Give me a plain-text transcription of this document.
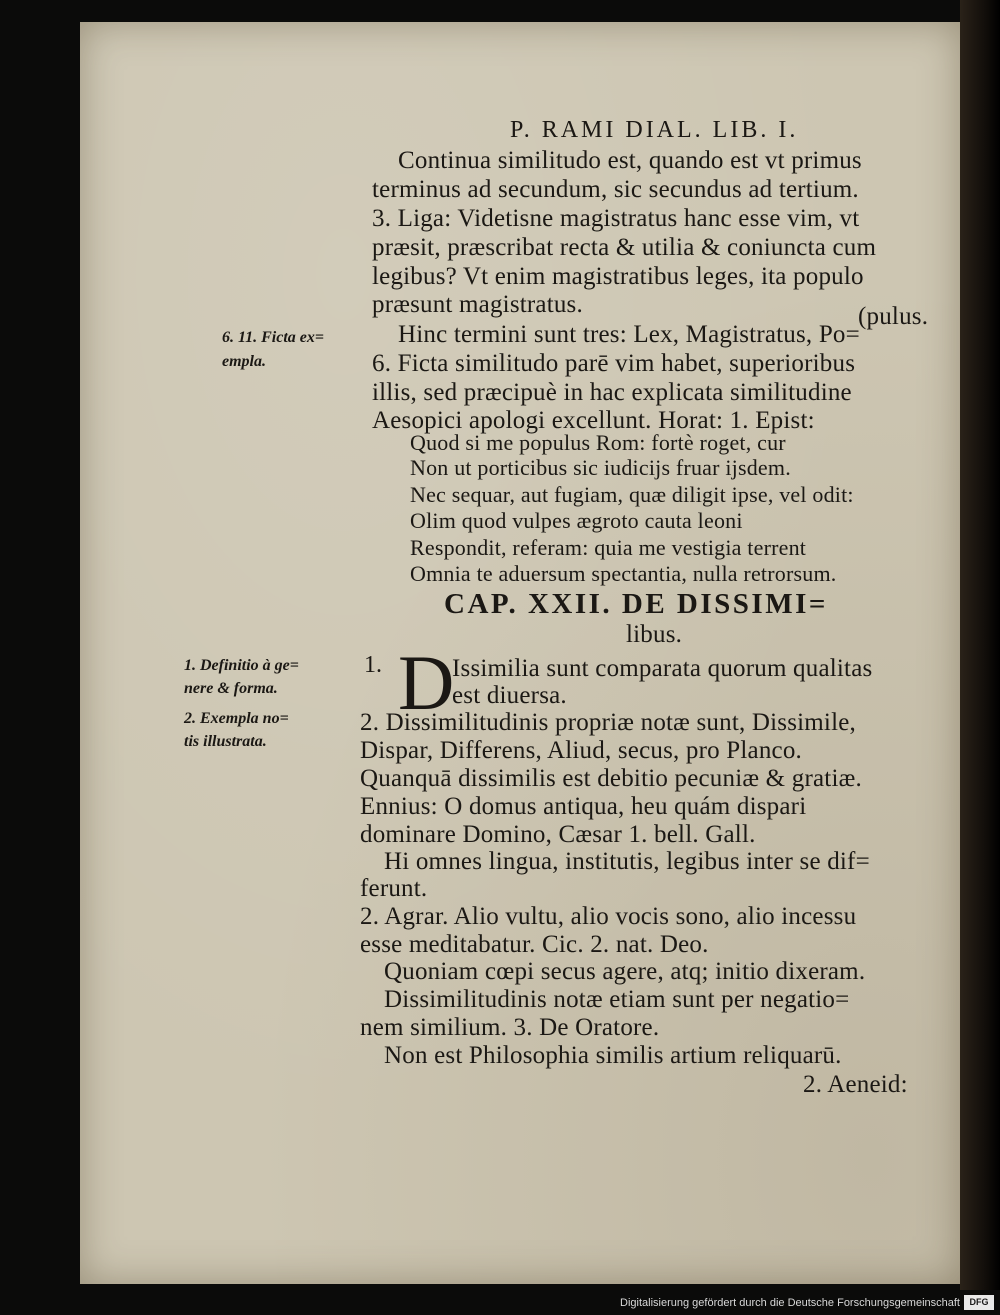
P. RAMI DIAL. LIB. I.
Continua similitudo est, quando est vt primus
terminus ad secundum, sic secundus ad tertium.
3. Liga: Videtisne magistratus hanc esse vim, vt
præsit, præscribat recta & utilia & coniuncta cum
legibus? Vt enim magistratibus leges, ita populo
præsunt magistratus.	(pulus.
Hinc termini sunt tres: Lex, Magistratus, Po=
6. Ficta similitudo parē vim habet, superioribus
illis, sed præcipuè in hac explicata similitudine
Aesopici apologi excellunt. Horat: 1. Epist:
Quod si me populus Rom: fortè roget, cur
Non ut porticibus sic iudicijs fruar ijsdem.
Nec sequar, aut fugiam, quæ diligit ipse, vel odit:
Olim quod vulpes ægroto cauta leoni
Respondit, referam: quia me vestigia terrent
Omnia te aduersum spectantia, nulla retrorsum.
CAP. XXII. DE DISSIMI=
libus.
1. D
Issimilia sunt comparata quorum qualitas
est diuersa.
2. Dissimilitudinis propriæ notæ sunt, Dissimile,
Dispar, Differens, Aliud, secus, pro Planco.
Quanquā dissimilis est debitio pecuniæ & gratiæ.
Ennius: O domus antiqua, heu quám dispari
dominare Domino, Cæsar 1. bell. Gall.
Hi omnes lingua, institutis, legibus inter se dif=
ferunt.
2. Agrar. Alio vultu, alio vocis sono, alio incessu
esse meditabatur. Cic. 2. nat. Deo.
Quoniam cœpi secus agere, atq; initio dixeram.
Dissimilitudinis notæ etiam sunt per negatio=
nem similium. 3. De Oratore.
Non est Philosophia similis artium reliquarū.
2. Aeneid:
6. 11. Ficta ex=
empla.
1. Definitio à ge=
nere & forma.
2. Exempla no=
tis illustrata.
Digitalisierung gefördert durch die Deutsche Forschungsgemeinschaft	DFG
